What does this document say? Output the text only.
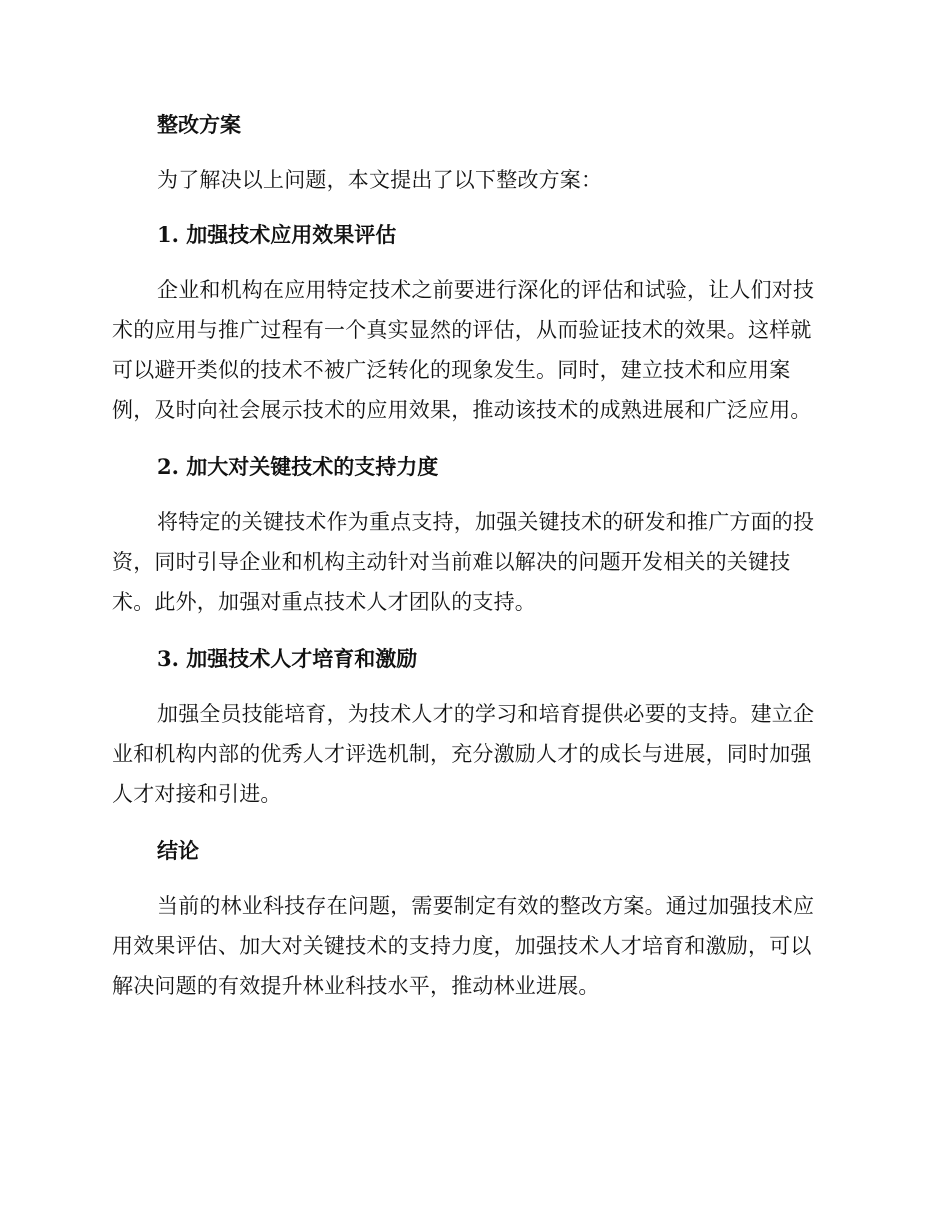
整改方案

为了解决以上问题，本文提出了以下整改方案：

1. 加强技术应用效果评估

企业和机构在应用特定技术之前要进行深化的评估和试验，让人们对技术的应用与推广过程有一个真实显然的评估，从而验证技术的效果。这样就可以避开类似的技术不被广泛转化的现象发生。同时，建立技术和应用案例，及时向社会展示技术的应用效果，推动该技术的成熟进展和广泛应用。

2. 加大对关键技术的支持力度

将特定的关键技术作为重点支持，加强关键技术的研发和推广方面的投资，同时引导企业和机构主动针对当前难以解决的问题开发相关的关键技术。此外，加强对重点技术人才团队的支持。

3. 加强技术人才培育和激励

加强全员技能培育，为技术人才的学习和培育提供必要的支持。建立企业和机构内部的优秀人才评选机制，充分激励人才的成长与进展，同时加强人才对接和引进。

结论

当前的林业科技存在问题，需要制定有效的整改方案。通过加强技术应用效果评估、加大对关键技术的支持力度，加强技术人才培育和激励，可以解决问题的有效提升林业科技水平，推动林业进展。
